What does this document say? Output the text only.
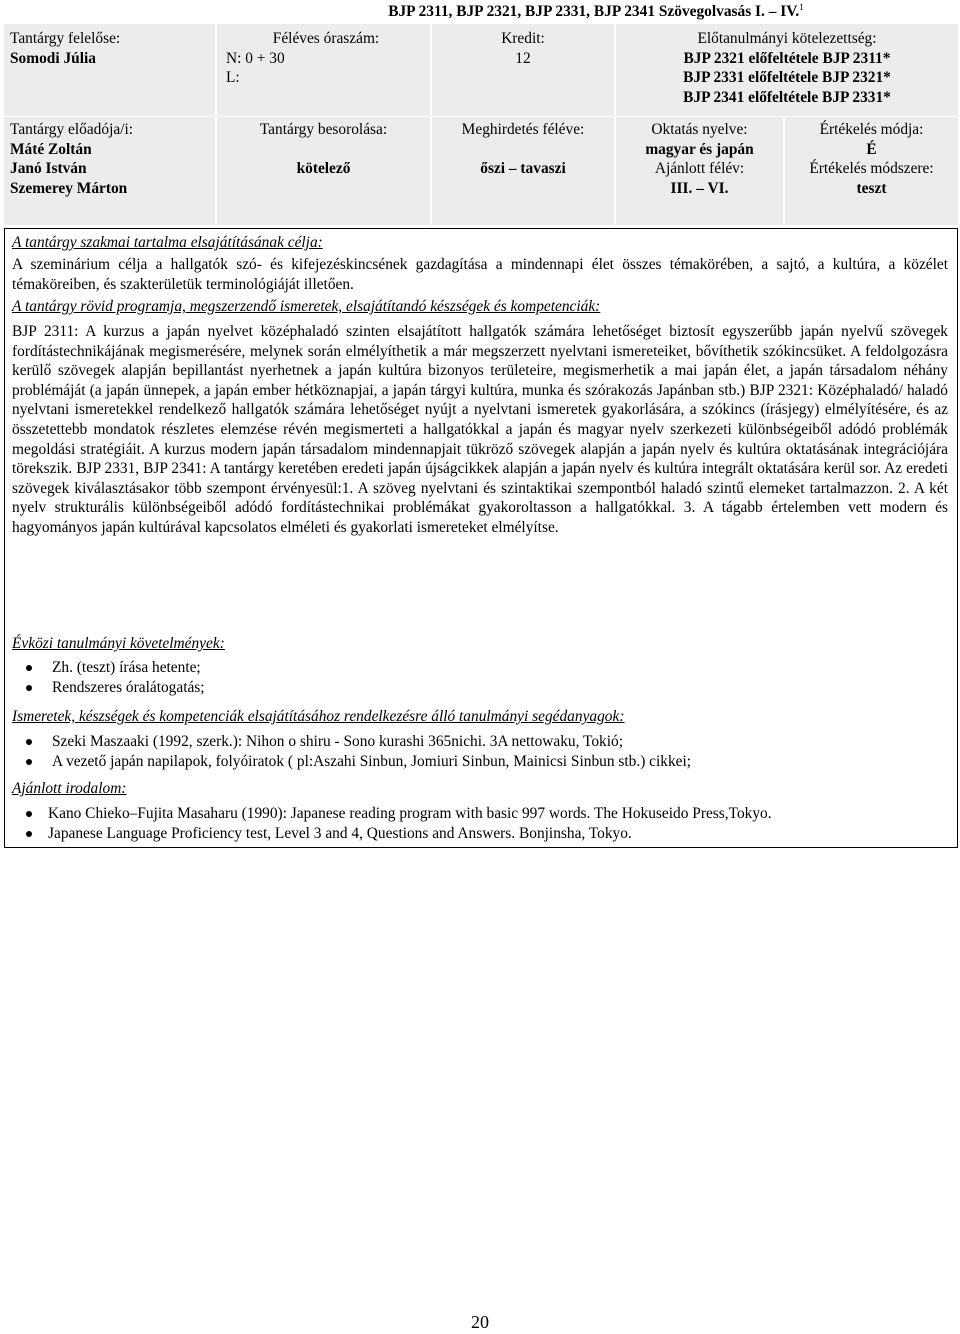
BJP 2311, BJP 2321, BJP 2331, BJP 2341 Szövegolvasás I. – IV.$^1$
Tantárgy felelőse:
Somodi Júlia
Féléves óraszám:
N: 0 + 30
L:
Kredit:
12
Előtanulmányi kötelezettség:
BJP 2321 előfeltétele BJP 2311*
BJP 2331 előfeltétele BJP 2321*
BJP 2341 előfeltétele BJP 2331*
Tantárgy előadója/i:
Máté Zoltán
Janó István
Szemerey Márton
Tantárgy besorolása:
kötelező
Meghirdetés féléve:
őszi – tavaszi
Oktatás nyelve:
magyar és japán
Ajánlott félév:
III. – VI.
Értékelés módja:
É
Értékelés módszere:
teszt
A tantárgy szakmai tartalma elsajátításának célja:
A szeminárium célja a hallgatók szó- és kifejezéskincsének gazdagítása a mindennapi élet összes témakörében, a sajtó, a kultúra, a közélet témaköreiben, és szakterületük terminológiáját illetően.
A tantárgy rövid programja, megszerzendő ismeretek, elsajátítandó készségek és kompetenciák:
BJP 2311: A kurzus a japán nyelvet középhaladó szinten elsajátított hallgatók számára lehetőséget biztosít egyszerűbb japán nyelvű szövegek fordítástechnikájának megismerésére, melynek során elmélyíthetik a már megszerzett nyelvtani ismereteiket, bővíthetik szókincsüket. A feldolgozásra kerülő szövegek alapján bepillantást nyerhetnek a japán kultúra bizonyos területeire, megismerhetik a mai japán élet, a japán társadalom néhány problémáját (a japán ünnepek, a japán ember hétköznapjai, a japán tárgyi kultúra, munka és szórakozás Japánban stb.) BJP 2321: Középhaladó/ haladó nyelvtani ismeretekkel rendelkező hallgatók számára lehetőséget nyújt a nyelvtani ismeretek gyakorlására, a szókincs (írásjegy) elmélyítésére, és az összetettebb mondatok részletes elemzése révén megismerteti a hallgatókkal a japán és magyar nyelv szerkezeti különbségeiből adódó problémák megoldási stratégiáit. A kurzus modern japán társadalom mindennapjait tükröző szövegek alapján a japán nyelv és kultúra oktatásának integrációjára törekszik. BJP 2331, BJP 2341: A tantárgy keretében eredeti japán újságcikkek alapján a japán nyelv és kultúra integrált oktatására kerül sor. Az eredeti szövegek kiválasztásakor több szempont érvényesül:1. A szöveg nyelvtani és szintaktikai szempontból haladó szintű elemeket tartalmazzon. 2. A két nyelv strukturális különbségeiből adódó fordítástechnikai problémákat gyakoroltasson a hallgatókkal. 3. A tágabb értelemben vett modern és hagyományos japán kultúrával kapcsolatos elméleti és gyakorlati ismereteket elmélyítse.
Évközi tanulmányi követelmények:
Zh. (teszt) írása hetente;
Rendszeres óralátogatás;
Ismeretek, készségek és kompetenciák elsajátításához rendelkezésre álló tanulmányi segédanyagok:
Szeki Maszaaki (1992, szerk.): Nihon o shiru - Sono kurashi 365nichi. 3A nettowaku, Tokió;
A vezető japán napilapok, folyóiratok ( pl:Aszahi Sinbun, Jomiuri Sinbun, Mainicsi Sinbun stb.) cikkei;
Ajánlott irodalom:
Kano Chieko–Fujita Masaharu (1990): Japanese reading program with basic 997 words. The Hokuseido Press,Tokyo.
Japanese Language Proficiency test, Level 3 and 4, Questions and Answers. Bonjinsha, Tokyo.
20
